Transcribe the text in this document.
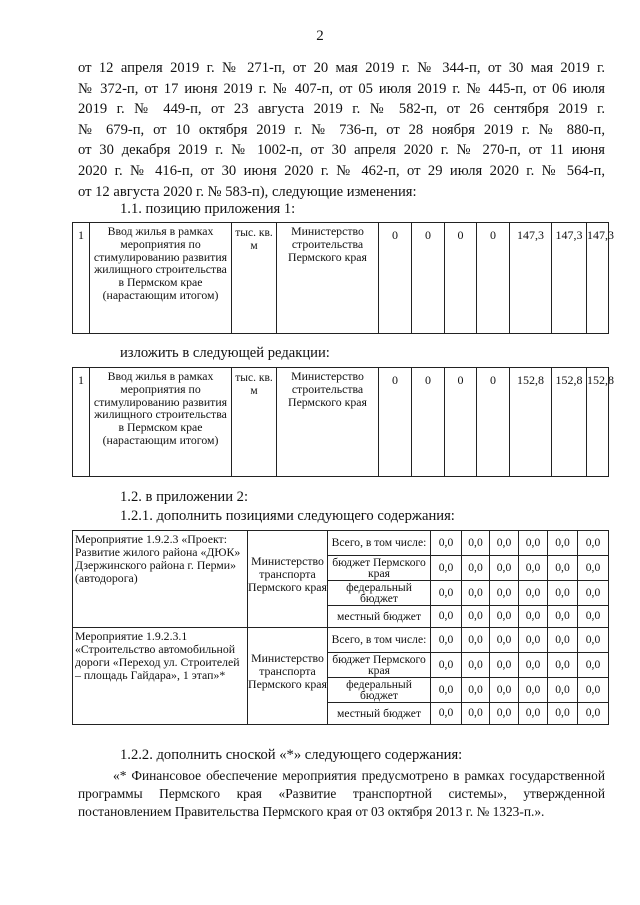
2
от 12 апреля 2019 г. № 271-п, от 20 мая 2019 г. № 344-п, от 30 мая 2019 г.
№ 372-п, от 17 июня 2019 г. № 407-п, от 05 июля 2019 г. № 445-п, от 06 июля
2019 г. № 449-п, от 23 августа 2019 г. № 582-п, от 26 сентября 2019 г.
№ 679-п, от 10 октября 2019 г. № 736-п, от 28 ноября 2019 г. № 880-п,
от 30 декабря 2019 г. № 1002-п, от 30 апреля 2020 г. № 270-п, от 11 июня
2020 г. № 416-п, от 30 июня 2020 г. № 462-п, от 29 июля 2020 г. № 564-п,
от 12 августа 2020 г. № 583-п), следующие изменения:
1.1. позицию приложения 1:
1	Ввод жилья в рамках мероприятия по стимулированию развития жилищного строительства в Пермском крае (нарастающим итогом)	тыс. кв. м	Министерство строительства Пермского края	0	0	0	0	147,3	147,3	147,3
изложить в следующей редакции:
1	Ввод жилья в рамках мероприятия по стимулированию развития жилищного строительства в Пермском крае (нарастающим итогом)	тыс. кв. м	Министерство строительства Пермского края	0	0	0	0	152,8	152,8	152,8
1.2. в приложении 2:
1.2.1. дополнить позициями следующего содержания:
Мероприятие 1.9.2.3 «Проект: Развитие жилого района «ДЮК» Дзержинского района г. Перми» (автодорога)	Министерство транспорта Пермского края	Всего, в том числе:	0,0	0,0	0,0	0,0	0,0	0,0
		бюджет Пермского края	0,0	0,0	0,0	0,0	0,0	0,0
		федеральный бюджет	0,0	0,0	0,0	0,0	0,0	0,0
		местный бюджет	0,0	0,0	0,0	0,0	0,0	0,0
Мероприятие 1.9.2.3.1 «Строительство автомобильной дороги «Переход ул. Строителей – площадь Гайдара», 1 этап»*	Министерство транспорта Пермского края	Всего, в том числе:	0,0	0,0	0,0	0,0	0,0	0,0
		бюджет Пермского края	0,0	0,0	0,0	0,0	0,0	0,0
		федеральный бюджет	0,0	0,0	0,0	0,0	0,0	0,0
		местный бюджет	0,0	0,0	0,0	0,0	0,0	0,0
1.2.2. дополнить сноской «*» следующего содержания:
«* Финансовое обеспечение мероприятия предусмотрено в рамках государственной
программы Пермского края «Развитие транспортной системы», утвержденной
постановлением Правительства Пермского края от 03 октября 2013 г. № 1323-п.».
